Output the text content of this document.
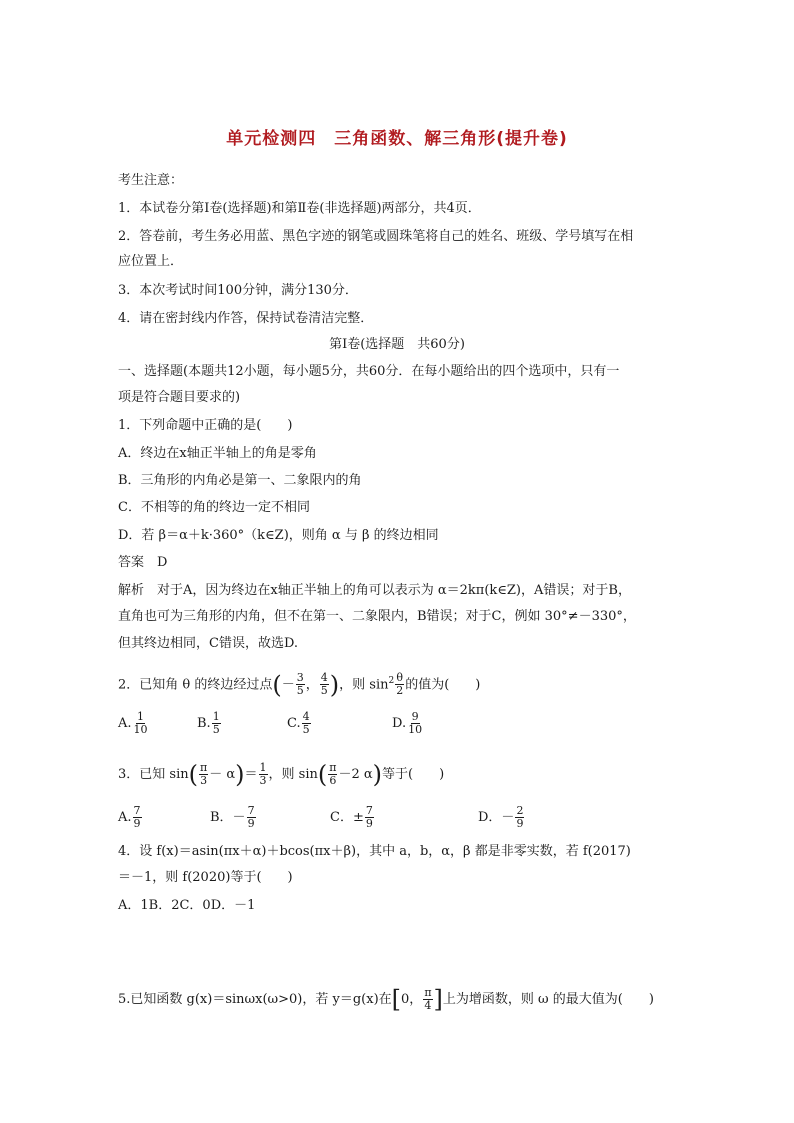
单元检测四　三角函数、解三角形(提升卷)
考生注意：
1．本试卷分第Ⅰ卷(选择题)和第Ⅱ卷(非选择题)两部分，共4页．
2．答卷前，考生务必用蓝、黑色字迹的钢笔或圆珠笔将自己的姓名、班级、学号填写在相
应位置上．
3．本次考试时间100分钟，满分130分．
4．请在密封线内作答，保持试卷清洁完整．
第Ⅰ卷(选择题　共60分)
一、选择题(本题共12小题，每小题5分，共60分．在每小题给出的四个选项中，只有一
项是符合题目要求的)
1．下列命题中正确的是(　　)
A．终边在x轴正半轴上的角是零角
B．三角形的内角必是第一、二象限内的角
C．不相等的角的终边一定不相同
D．若 β＝α＋k·360°（k∈Z)，则角 α 与 β 的终边相同
答案　D
解析　对于A，因为终边在x轴正半轴上的角可以表示为 α＝2kπ(k∈Z)，A错误；对于B，
直角也可为三角形的内角，但不在第一、二象限内，B错误；对于C，例如 30°≠－330°，
但其终边相同，C错误，故选D.
2．已知角 θ 的终边经过点(－ $\frac{3}{5}$ ， $\frac{4}{5}$ )，则 $\sin^2 \frac{\theta}{2}$ 的值为(　　)
A. $\frac{1}{10}$	B. $\frac{1}{5}$	C. $\frac{4}{5}$	D. $\frac{9}{10}$
3．已知 $\sin( \frac{\pi}{3} - \alpha)= \frac{1}{3}$ ，则 $\sin( \frac{\pi}{6} -2$ α)等于(　　)
A. $\frac{7}{9}$	B．－ $\frac{7}{9}$	C．± $\frac{7}{9}$	D．－ $\frac{2}{9}$
4．设 f(x)＝asin(πx＋α)＋bcos(πx＋β)，其中 a，b，α，β 都是非零实数，若 f(2017)
＝－1，则 f(2020)等于(　　)
A．1B．2C．0D．－1
5.已知函数 g(x)＝sinωx(ω>0)，若 y＝g(x)在[0， $\frac{\pi}{4}$ ]上为增函数，则 ω 的最大值为(　　)
